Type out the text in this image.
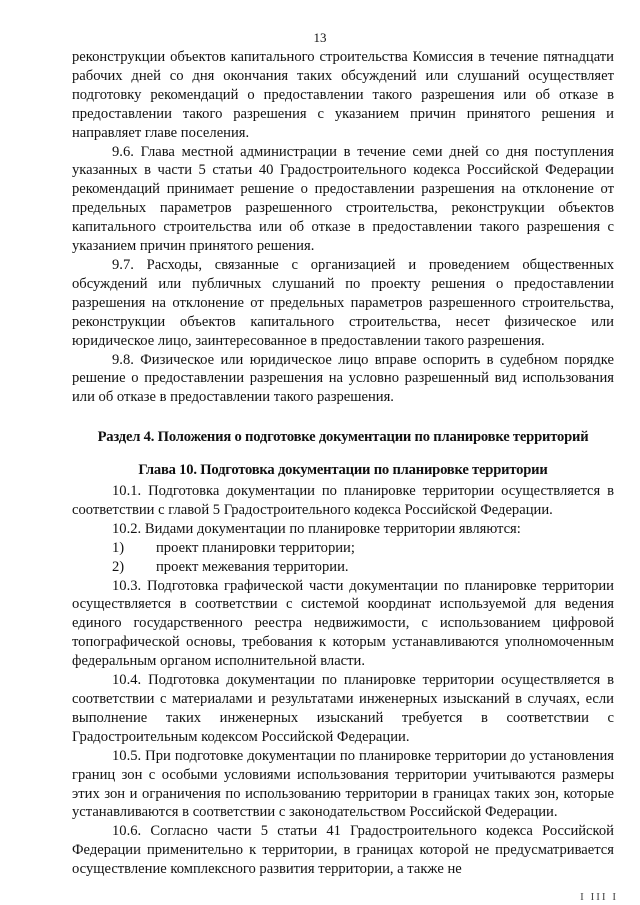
13

реконструкции объектов капитального строительства Комиссия в течение пятнадцати рабочих дней со дня окончания таких обсуждений или слушаний осуществляет подготовку рекомендаций о предоставлении такого разрешения или об отказе в предоставлении такого разрешения с указанием причин принятого решения и направляет главе поселения.

9.6. Глава местной администрации в течение семи дней со дня поступления указанных в части 5 статьи 40 Градостроительного кодекса Российской Федерации рекомендаций принимает решение о предоставлении разрешения на отклонение от предельных параметров разрешенного строительства, реконструкции объектов капитального строительства или об отказе в предоставлении такого разрешения с указанием причин принятого решения.

9.7. Расходы, связанные с организацией и проведением общественных обсуждений или публичных слушаний по проекту решения о предоставлении разрешения на отклонение от предельных параметров разрешенного строительства, реконструкции объектов капитального строительства, несет физическое или юридическое лицо, заинтересованное в предоставлении такого разрешения.

9.8. Физическое или юридическое лицо вправе оспорить в судебном порядке решение о предоставлении разрешения на условно разрешенный вид использования или об отказе в предоставлении такого разрешения.

Раздел 4. Положения о подготовке документации по планировке территорий

Глава 10. Подготовка документации по планировке территории

10.1. Подготовка документации по планировке территории осуществляется в соответствии с главой 5 Градостроительного кодекса Российской Федерации.

10.2. Видами документации по планировке территории являются:

1)	проект планировки территории;
2)	проект межевания территории.

10.3. Подготовка графической части документации по планировке территории осуществляется в соответствии с системой координат используемой для ведения единого государственного реестра недвижимости, с использованием цифровой топографической основы, требования к которым устанавливаются уполномоченным федеральным органом исполнительной власти.

10.4. Подготовка документации по планировке территории осуществляется в соответствии с материалами и результатами инженерных изысканий в случаях, если выполнение таких инженерных изысканий требуется в соответствии с Градостроительным кодексом Российской Федерации.

10.5. При подготовке документации по планировке территории до установления границ зон с особыми условиями использования территории учитываются размеры этих зон и ограничения по использованию территории в границах таких зон, которые устанавливаются в соответствии с законодательством Российской Федерации.

10.6. Согласно части 5 статьи 41 Градостроительного кодекса Российской Федерации применительно к территории, в границах которой не предусматривается осуществление комплексного развития территории, а также не

I III I
